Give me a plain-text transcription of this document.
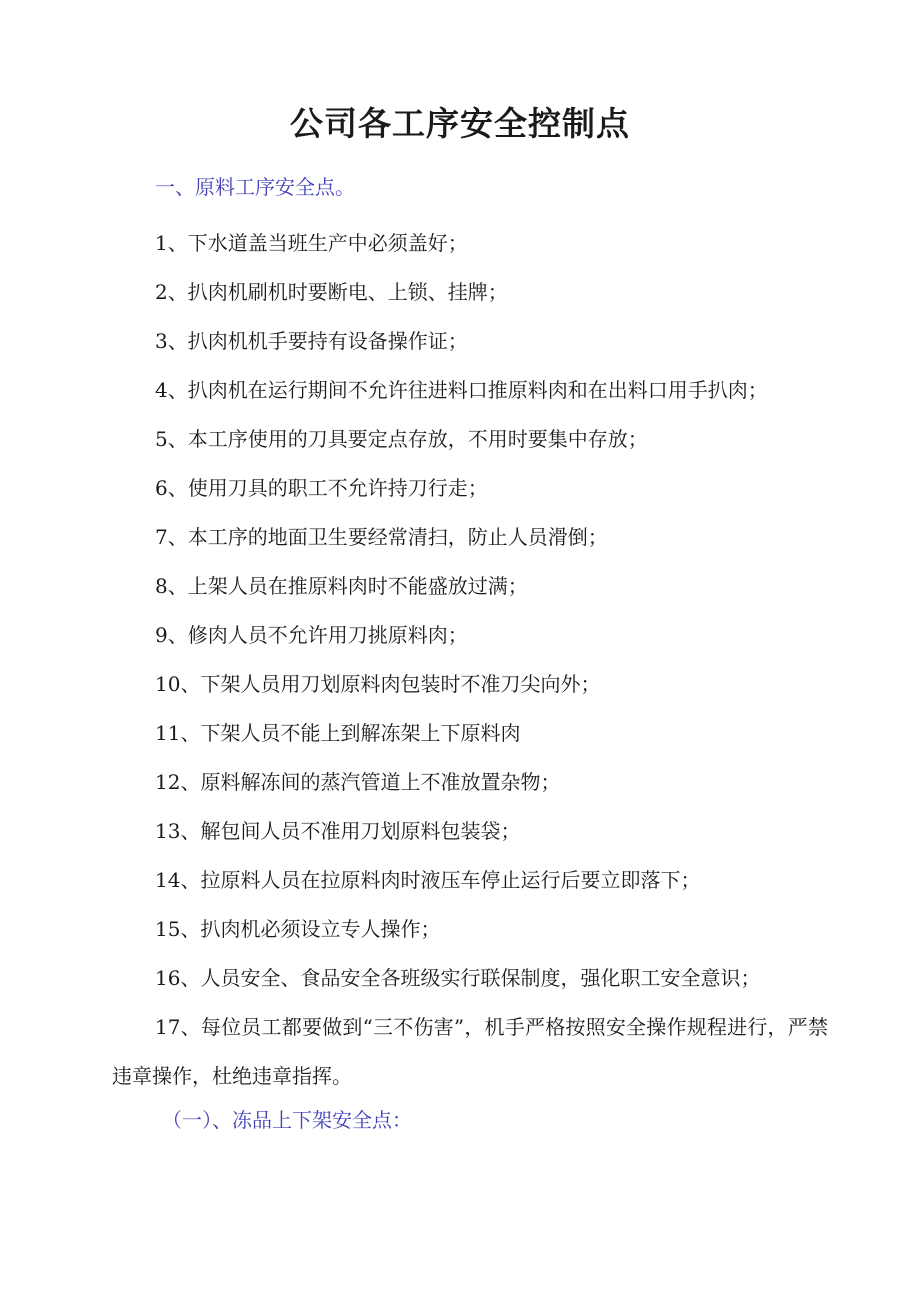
公司各工序安全控制点

一、原料工序安全点。

1、下水道盖当班生产中必须盖好；
2、扒肉机刷机时要断电、上锁、挂牌；
3、扒肉机机手要持有设备操作证；
4、扒肉机在运行期间不允许往进料口推原料肉和在出料口用手扒肉；
5、本工序使用的刀具要定点存放，不用时要集中存放；
6、使用刀具的职工不允许持刀行走；
7、本工序的地面卫生要经常清扫，防止人员滑倒；
8、上架人员在推原料肉时不能盛放过满；
9、修肉人员不允许用刀挑原料肉；
10、下架人员用刀划原料肉包装时不准刀尖向外；
11、下架人员不能上到解冻架上下原料肉
12、原料解冻间的蒸汽管道上不准放置杂物；
13、解包间人员不准用刀划原料包装袋；
14、拉原料人员在拉原料肉时液压车停止运行后要立即落下；
15、扒肉机必须设立专人操作；
16、人员安全、食品安全各班级实行联保制度，强化职工安全意识；
17、每位员工都要做到“三不伤害”，机手严格按照安全操作规程进行，严禁违章操作，杜绝违章指挥。

（一）、冻品上下架安全点：
